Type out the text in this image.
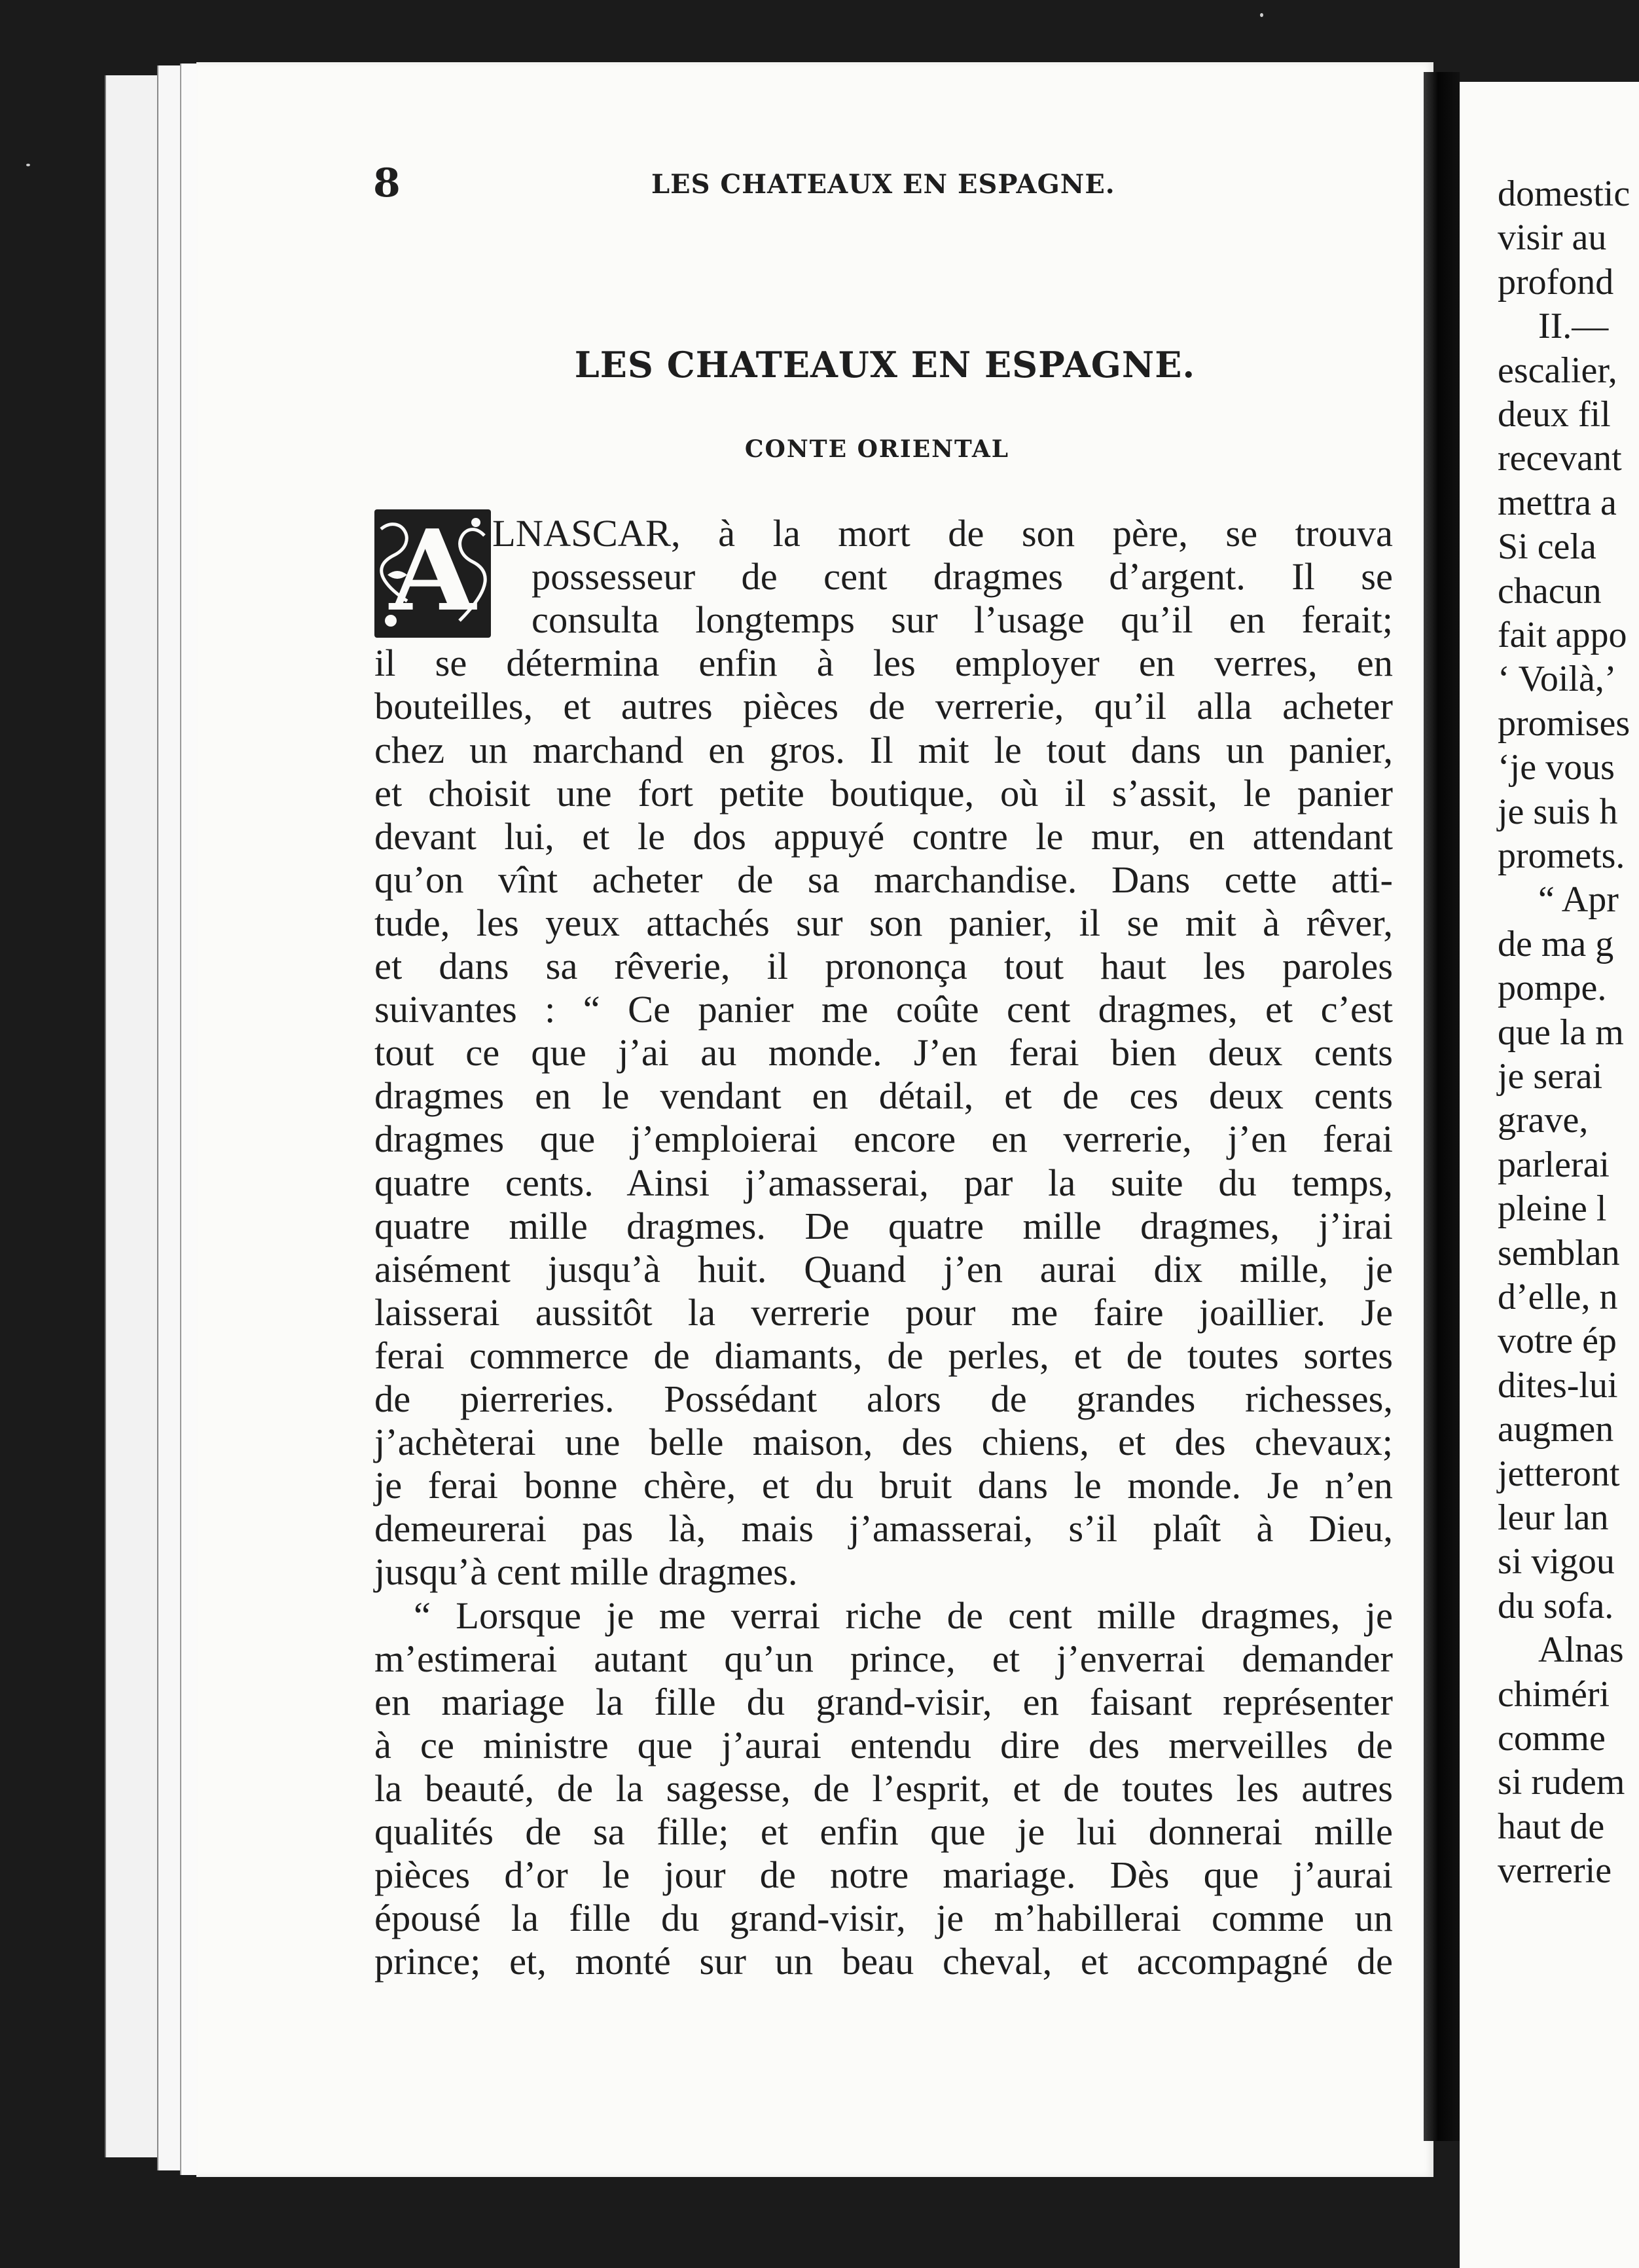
8	LES CHATEAUX EN ESPAGNE.
LES CHATEAUX EN ESPAGNE.
CONTE ORIENTAL
A LNASCAR, à la mort de son père, se trouva
possesseur de cent dragmes d’argent. Il se
consulta longtemps sur l’usage qu’il en ferait;
il se détermina enfin à les employer en verres, en
bouteilles, et autres pièces de verrerie, qu’il alla acheter
chez un marchand en gros. Il mit le tout dans un panier,
et choisit une fort petite boutique, où il s’assit, le panier
devant lui, et le dos appuyé contre le mur, en attendant
qu’on vînt acheter de sa marchandise. Dans cette atti-
tude, les yeux attachés sur son panier, il se mit à rêver,
et dans sa rêverie, il prononça tout haut les paroles
suivantes : “ Ce panier me coûte cent dragmes, et c’est
tout ce que j’ai au monde. J’en ferai bien deux cents
dragmes en le vendant en détail, et de ces deux cents
dragmes que j’emploierai encore en verrerie, j’en ferai
quatre cents. Ainsi j’amasserai, par la suite du temps,
quatre mille dragmes. De quatre mille dragmes, j’irai
aisément jusqu’à huit. Quand j’en aurai dix mille, je
laisserai aussitôt la verrerie pour me faire joaillier. Je
ferai commerce de diamants, de perles, et de toutes sortes
de pierreries. Possédant alors de grandes richesses,
j’achèterai une belle maison, des chiens, et des chevaux;
je ferai bonne chère, et du bruit dans le monde. Je n’en
demeurerai pas là, mais j’amasserai, s’il plaît à Dieu,
jusqu’à cent mille dragmes.
“ Lorsque je me verrai riche de cent mille dragmes, je
m’estimerai autant qu’un prince, et j’enverrai demander
en mariage la fille du grand-visir, en faisant représenter
à ce ministre que j’aurai entendu dire des merveilles de
la beauté, de la sagesse, de l’esprit, et de toutes les autres
qualités de sa fille; et enfin que je lui donnerai mille
pièces d’or le jour de notre mariage. Dès que j’aurai
épousé la fille du grand-visir, je m’habillerai comme un
prince; et, monté sur un beau cheval, et accompagné de
domestic
visir au
profond
II.—
escalier,
deux fil
recevant
mettra a
Si cela
chacun
fait appo
‘ Voilà,’
promises
‘je vous
je suis h
promets.
“ Apr
de ma g
pompe.
que la m
je serai
grave,
parlerai
pleine l
semblan
d’elle, n
votre ép
dites-lui
augmen
jetteront
leur lan
si vigou
du sofa.
Alnas
chiméri
comme
si rudem
haut de
verrerie
